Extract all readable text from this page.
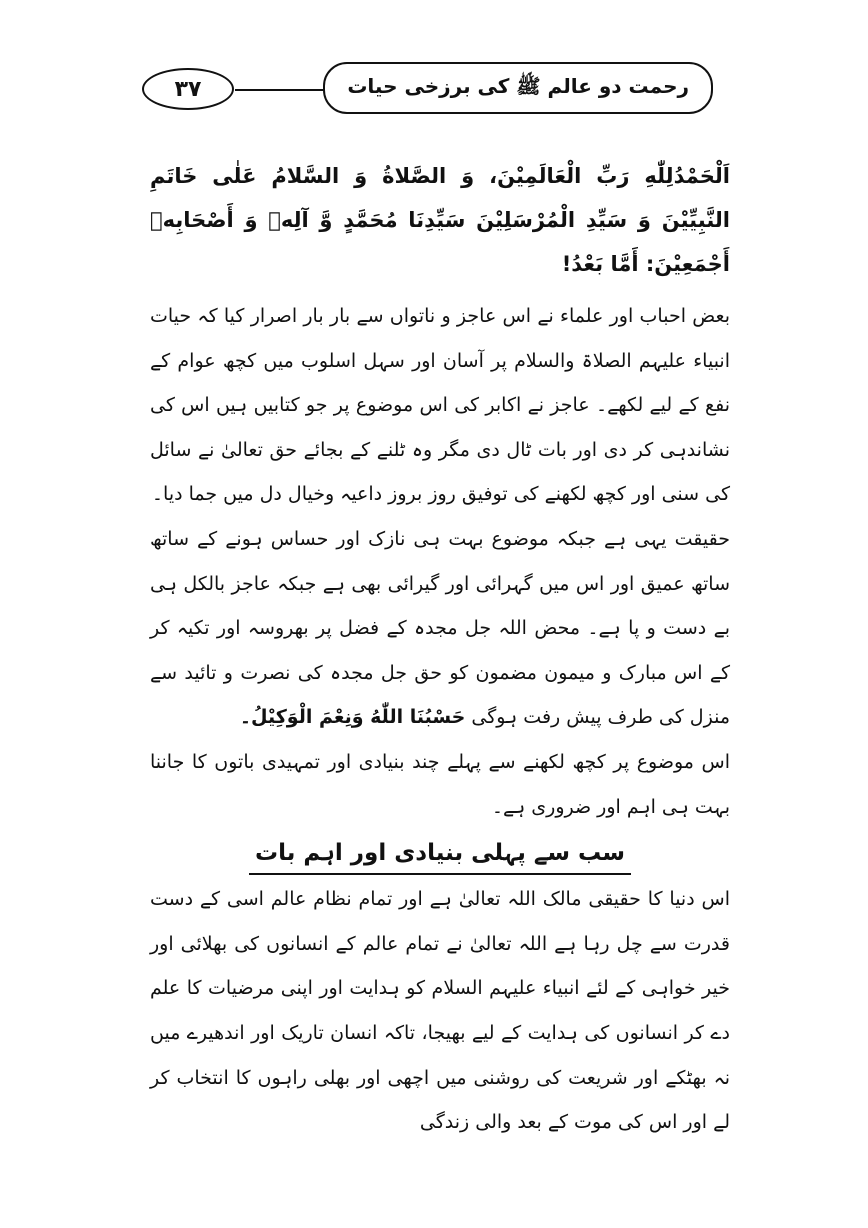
۳۷	رحمت دو عالم ﷺ کی برزخی حیات

اَلْحَمْدُلِلّٰهِ رَبِّ الْعَالَمِیْنَ، وَ الصَّلاةُ وَ السَّلامُ عَلٰی خَاتَمِ النَّبِیِّیْنَ وَ سَیِّدِ الْمُرْسَلِیْنَ سَیِّدِنَا مُحَمَّدٍ وَّ آلِهٖ وَ أَصْحَابِهٖ أَجْمَعِیْنَ: أَمَّا بَعْدُ!

بعض احباب اور علماء نے اس عاجز و ناتواں سے بار بار اصرار کیا کہ حیات انبیاء علیہم الصلاۃ والسلام پر آسان اور سہل اسلوب میں کچھ عوام کے نفع کے لیے لکھے۔ عاجز نے اکابر کی اس موضوع پر جو کتابیں ہیں اس کی نشاندہی کر دی اور بات ٹال دی مگر وہ ٹلنے کے بجائے حق تعالیٰ نے سائل کی سنی اور کچھ لکھنے کی توفیق روز بروز داعیہ وخیال دل میں جما دیا۔

حقیقت یہی ہے جبکہ موضوع بہت ہی نازک اور حساس ہونے کے ساتھ ساتھ عمیق اور اس میں گہرائی اور گیرائی بھی ہے جبکہ عاجز بالکل ہی بے دست و پا ہے۔ محض اللہ جل مجدہ کے فضل پر بھروسہ اور تکیہ کر کے اس مبارک و میمون مضمون کو حق جل مجدہ کی نصرت و تائید سے منزل کی طرف پیش رفت ہوگی حَسْبُنَا اللّٰهُ وَنِعْمَ الْوَكِیْلُ۔

اس موضوع پر کچھ لکھنے سے پہلے چند بنیادی اور تمہیدی باتوں کا جاننا بہت ہی اہم اور ضروری ہے۔

سب سے پہلی بنیادی اور اہم بات

اس دنیا کا حقیقی مالک اللہ تعالیٰ ہے اور تمام نظام عالم اسی کے دست قدرت سے چل رہا ہے اللہ تعالیٰ نے تمام عالم کے انسانوں کی بھلائی اور خیر خواہی کے لئے انبیاء علیہم السلام کو ہدایت اور اپنی مرضیات کا علم دے کر انسانوں کی ہدایت کے لیے بھیجا، تاکہ انسان تاریک اور اندھیرے میں نہ بھٹکے اور شریعت کی روشنی میں اچھی اور بھلی راہوں کا انتخاب کر لے اور اس کی موت کے بعد والی زندگی
